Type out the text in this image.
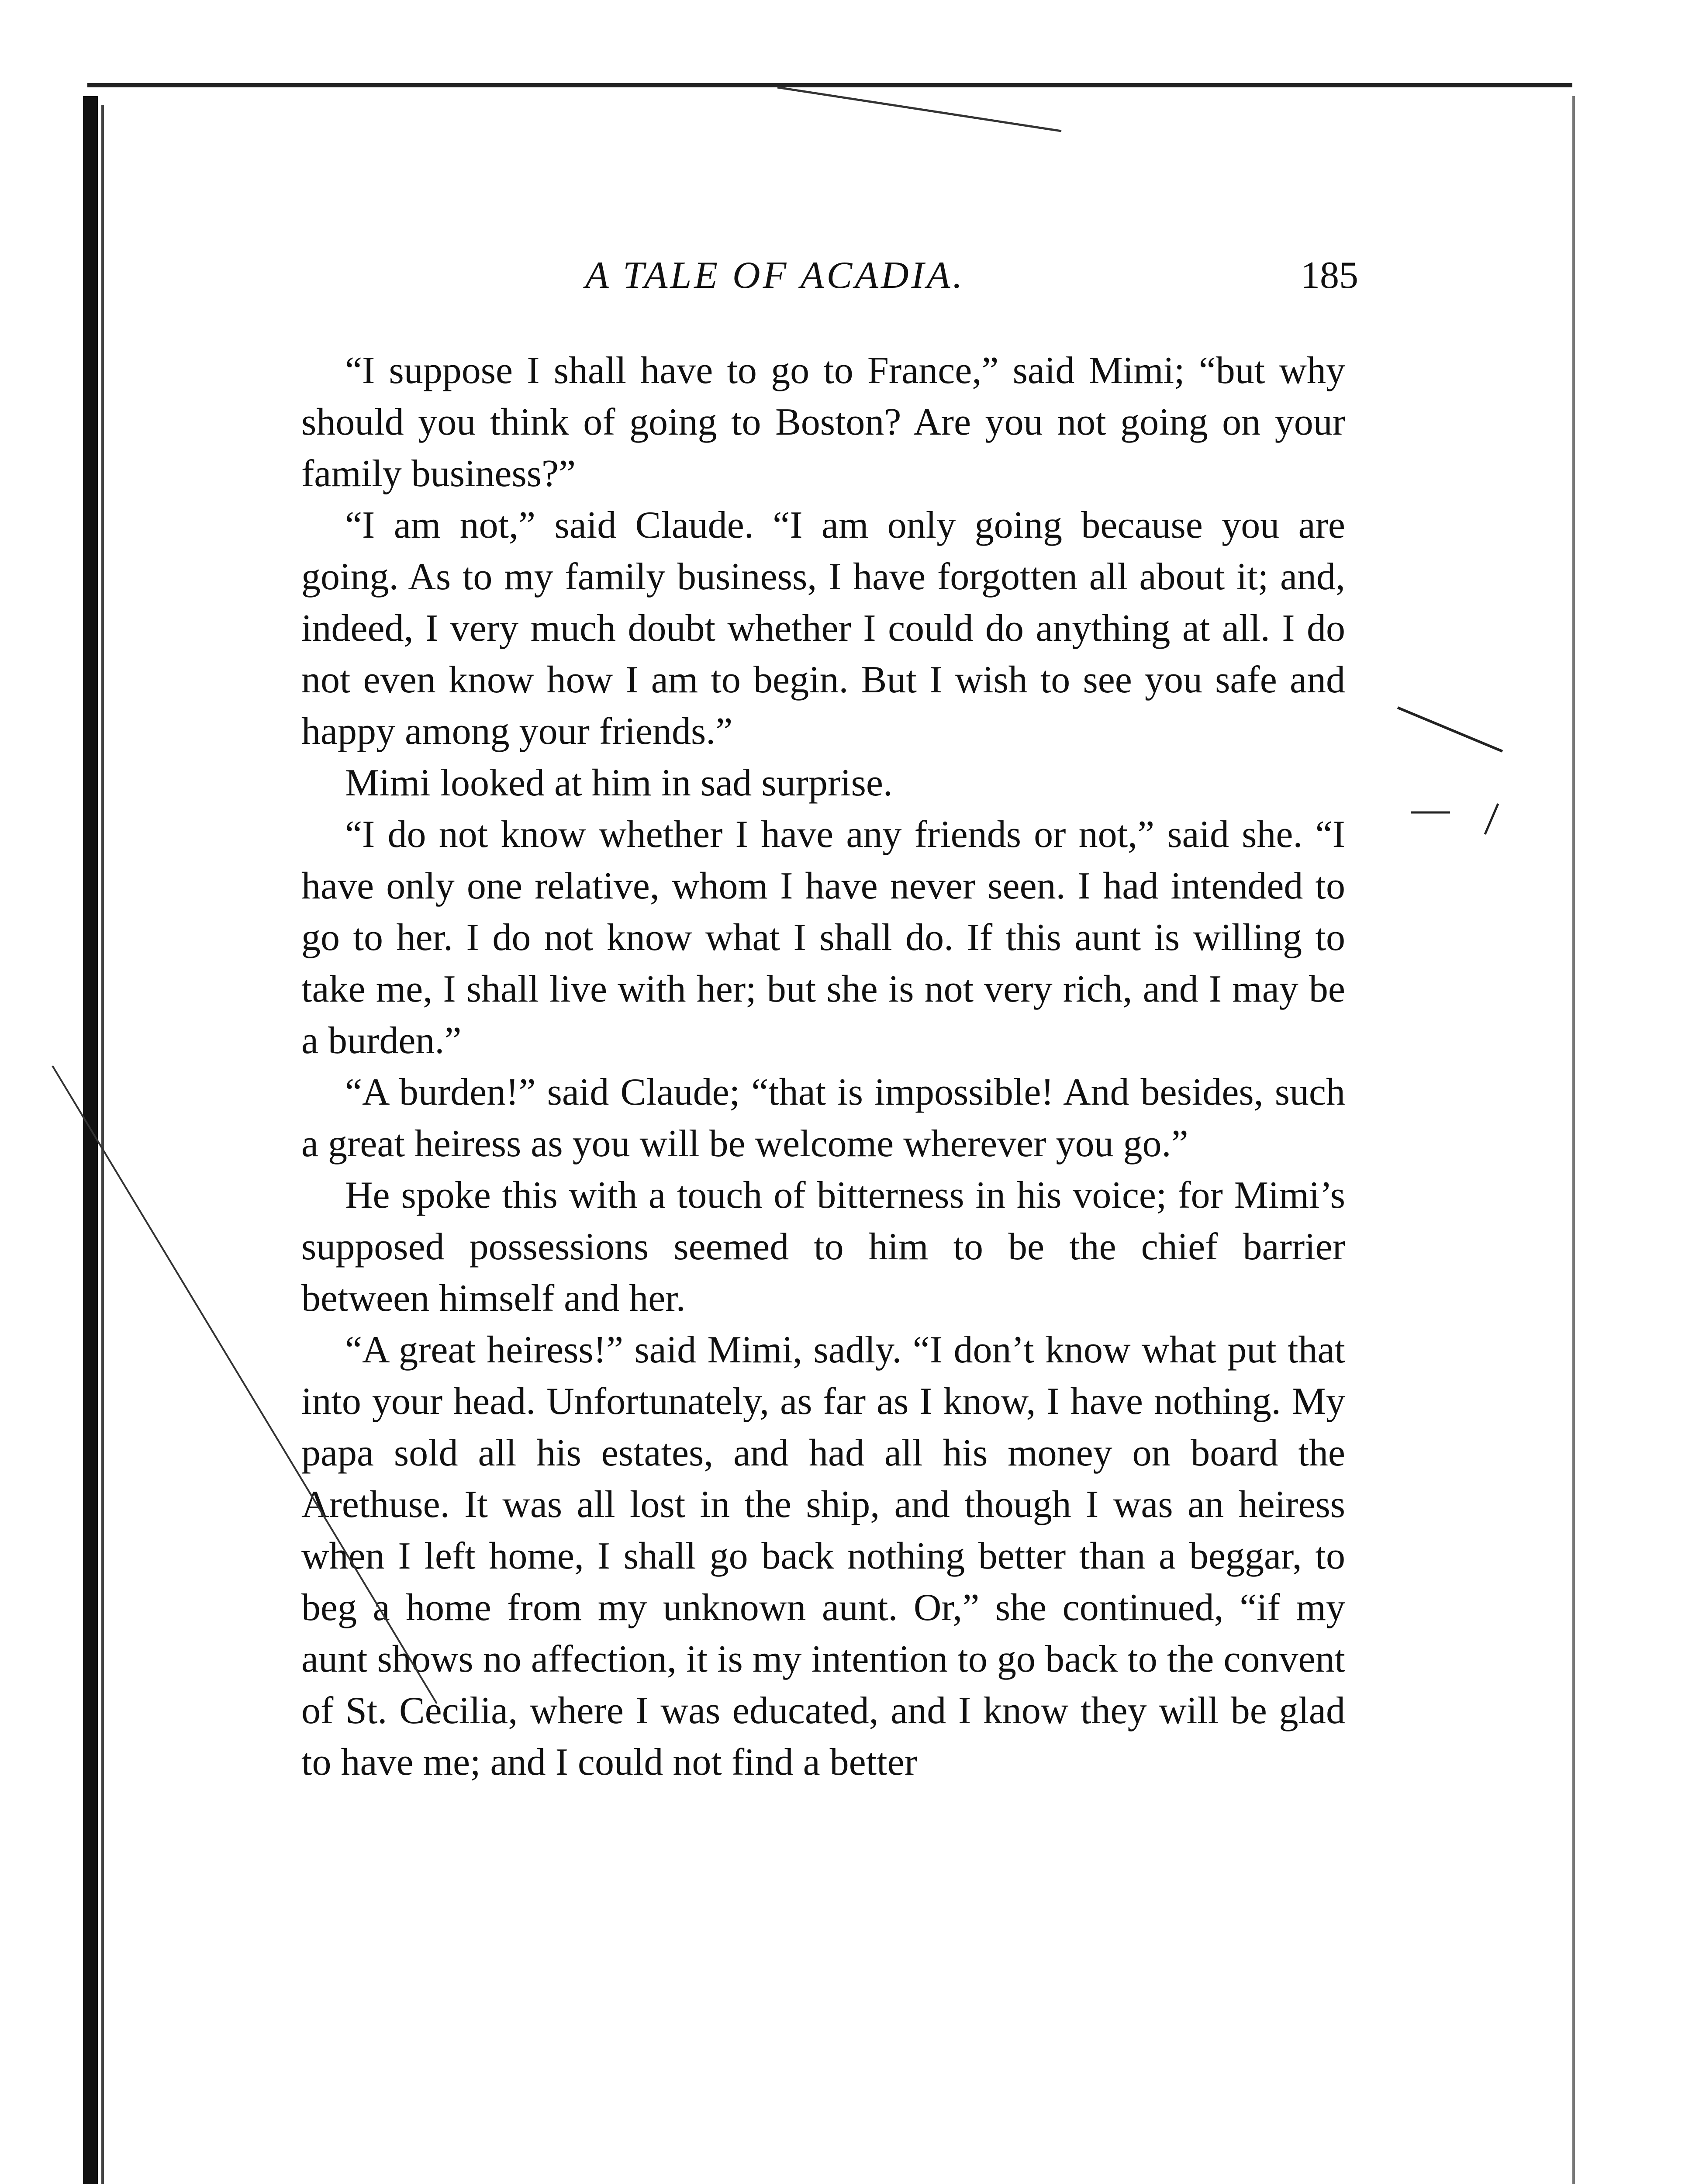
A TALE OF ACADIA.	185

“I suppose I shall have to go to France,” said Mimi; “but why should you think of going to Boston? Are you not going on your family business?”

“I am not,” said Claude. “I am only going because you are going. As to my family business, I have forgotten all about it; and, indeed, I very much doubt whether I could do anything at all. I do not even know how I am to begin. But I wish to see you safe and happy among your friends.”

Mimi looked at him in sad surprise.

“I do not know whether I have any friends or not,” said she. “I have only one relative, whom I have never seen. I had intended to go to her. I do not know what I shall do. If this aunt is willing to take me, I shall live with her; but she is not very rich, and I may be a burden.”

“A burden!” said Claude; “that is impossible! And besides, such a great heiress as you will be welcome wherever you go.”

He spoke this with a touch of bitterness in his voice; for Mimi’s supposed possessions seemed to him to be the chief barrier between himself and her.

“A great heiress!” said Mimi, sadly. “I don’t know what put that into your head. Unfortunately, as far as I know, I have nothing. My papa sold all his estates, and had all his money on board the Arethuse. It was all lost in the ship, and though I was an heiress when I left home, I shall go back nothing better than a beggar, to beg a home from my unknown aunt. Or,” she continued, “if my aunt shows no affection, it is my intention to go back to the convent of St. Cecilia, where I was educated, and I know they will be glad to have me; and I could not find a better
